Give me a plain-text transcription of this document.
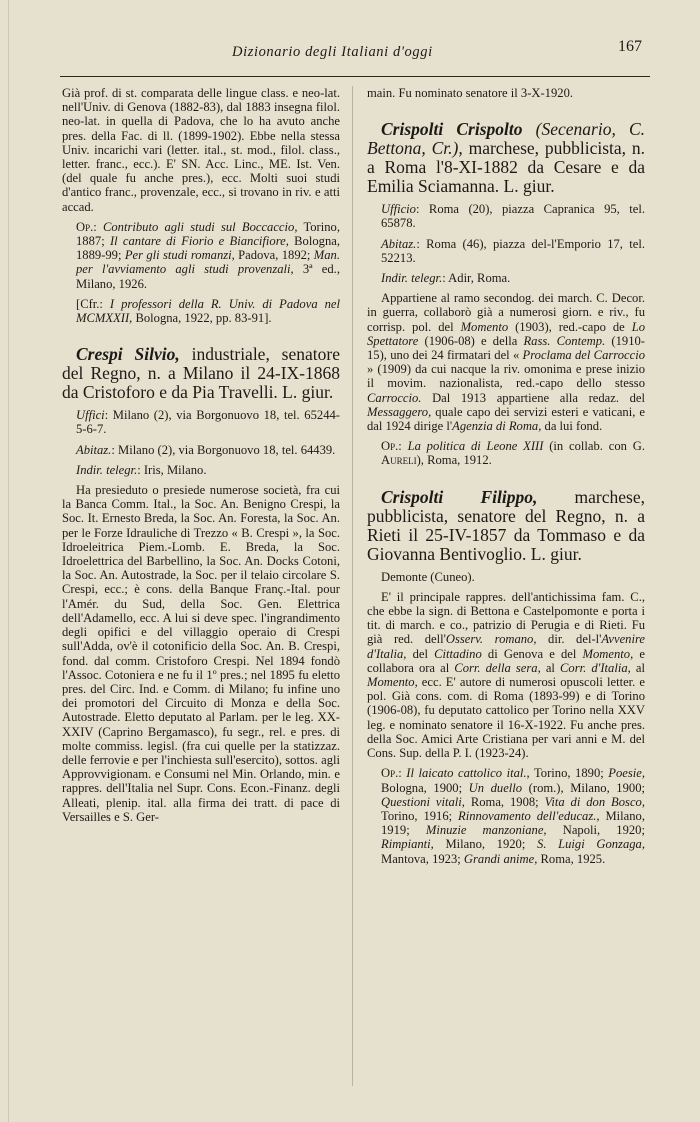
Dizionario degli Italiani d'oggi	167

Già prof. di st. comparata delle lingue class. e neo-lat. nell'Univ. di Genova (1882-83), dal 1883 insegna filol. neo-lat. in quella di Padova, che lo ha avuto anche pres. della Fac. di ll. (1899-1902). Ebbe nella stessa Univ. incarichi vari (letter. ital., st. mod., filol. class., letter. franc., ecc.). E' SN. Acc. Linc., ME. Ist. Ven. (del quale fu anche pres.), ecc. Molti suoi studi d'antico franc., provenzale, ecc., si trovano in riv. e atti accad.

Op.: Contributo agli studi sul Boccaccio, Torino, 1887; Il cantare di Fiorio e Biancifiore, Bologna, 1889-99; Per gli studi romanzi, Padova, 1892; Man. per l'avviamento agli studi provenzali, 3ª ed., Milano, 1926.

[Cfr.: I professori della R. Univ. di Padova nel MCMXXII, Bologna, 1922, pp. 83-91].

Crespi Silvio, industriale, senatore del Regno, n. a Milano il 24-IX-1868 da Cristoforo e da Pia Travelli. L. giur.

Uffici: Milano (2), via Borgonuovo 18, tel. 65244-5-6-7.

Abitaz.: Milano (2), via Borgonuovo 18, tel. 64439.

Indir. telegr.: Iris, Milano.

Ha presieduto o presiede numerose società, fra cui la Banca Comm. Ital., la Soc. An. Benigno Crespi, la Soc. It. Ernesto Breda, la Soc. An. Foresta, la Soc. An. per le Forze Idrauliche di Trezzo « B. Crespi », la Soc. Idroeleitrica Piem.-Lomb. E. Breda, la Soc. Idroelettrica del Barbellino, la Soc. An. Docks Cotoni, la Soc. An. Autostrade, la Soc. per il telaio circolare S. Crespi, ecc.; è cons. della Banque Franç.-Ital. pour l'Amér. du Sud, della Soc. Gen. Elettrica dell'Adamello, ecc. A lui si deve spec. l'ingrandimento degli opifici e del villaggio operaio di Crespi sull'Adda, ov'è il cotonificio della Soc. An. B. Crespi, fond. dal comm. Cristoforo Crespi. Nel 1894 fondò l'Assoc. Cotoniera e ne fu il 1º pres.; nel 1895 fu eletto pres. del Circ. Ind. e Comm. di Milano; fu infine uno dei promotori del Circuito di Monza e della Soc. Autostrade. Eletto deputato al Parlam. per le leg. XX-XXIV (Caprino Bergamasco), fu segr., rel. e pres. di molte commiss. legisl. (fra cui quelle per la statizzaz. delle ferrovie e per l'inchiesta sull'esercito), sottos. agli Approvvigionam. e Consumi nel Min. Orlando, min. e rappres. dell'Italia nel Supr. Cons. Econ.-Finanz. degli Alleati, plenip. ital. alla firma dei tratt. di pace di Versailles e S. Ger-

main. Fu nominato senatore il 3-X-1920.

Crispolti Crispolto (Secenario, C. Bettona, Cr.), marchese, pubblicista, n. a Roma l'8-XI-1882 da Cesare e da Emilia Sciamanna. L. giur.

Ufficio: Roma (20), piazza Capranica 95, tel. 65878.

Abitaz.: Roma (46), piazza del-l'Emporio 17, tel. 52213.

Indir. telegr.: Adir, Roma.

Appartiene al ramo secondog. dei march. C. Decor. in guerra, collaborò già a numerosi giorn. e riv., fu corrisp. pol. del Momento (1903), red.-capo de Lo Spettatore (1906-08) e della Rass. Contemp. (1910-15), uno dei 24 firmatari del « Proclama del Carroccio » (1909) da cui nacque la riv. omonima e prese inizio il movim. nazionalista, red.-capo dello stesso Carroccio. Dal 1913 appartiene alla redaz. del Messaggero, quale capo dei servizi esteri e vaticani, e dal 1924 dirige l'Agenzia di Roma, da lui fond.

Op.: La politica di Leone XIII (in collab. con G. Aureli), Roma, 1912.

Crispolti Filippo, marchese, pubblicista, senatore del Regno, n. a Rieti il 25-IV-1857 da Tommaso e da Giovanna Bentivoglio. L. giur.

Demonte (Cuneo).

E' il principale rappres. dell'antichissima fam. C., che ebbe la sign. di Bettona e Castelpomonte e porta i tit. di march. e co., patrizio di Perugia e di Rieti. Fu già red. dell'Osserv. romano, dir. del-l'Avvenire d'Italia, del Cittadino di Genova e del Momento, e collabora ora al Corr. della sera, al Corr. d'Italia, al Momento, ecc. E' autore di numerosi opuscoli letter. e pol. Già cons. com. di Roma (1893-99) e di Torino (1906-08), fu deputato cattolico per Torino nella XXV leg. e nominato senatore il 16-X-1922. Fu anche pres. della Soc. Amici Arte Cristiana per vari anni e M. del Cons. Sup. della P. I. (1923-24).

Op.: Il laicato cattolico ital., Torino, 1890; Poesie, Bologna, 1900; Un duello (rom.), Milano, 1900; Questioni vitali, Roma, 1908; Vita di don Bosco, Torino, 1916; Rinnovamento dell'educaz., Milano, 1919; Minuzie manzoniane, Napoli, 1920; Rimpianti, Milano, 1920; S. Luigi Gonzaga, Mantova, 1923; Grandi anime, Roma, 1925.
